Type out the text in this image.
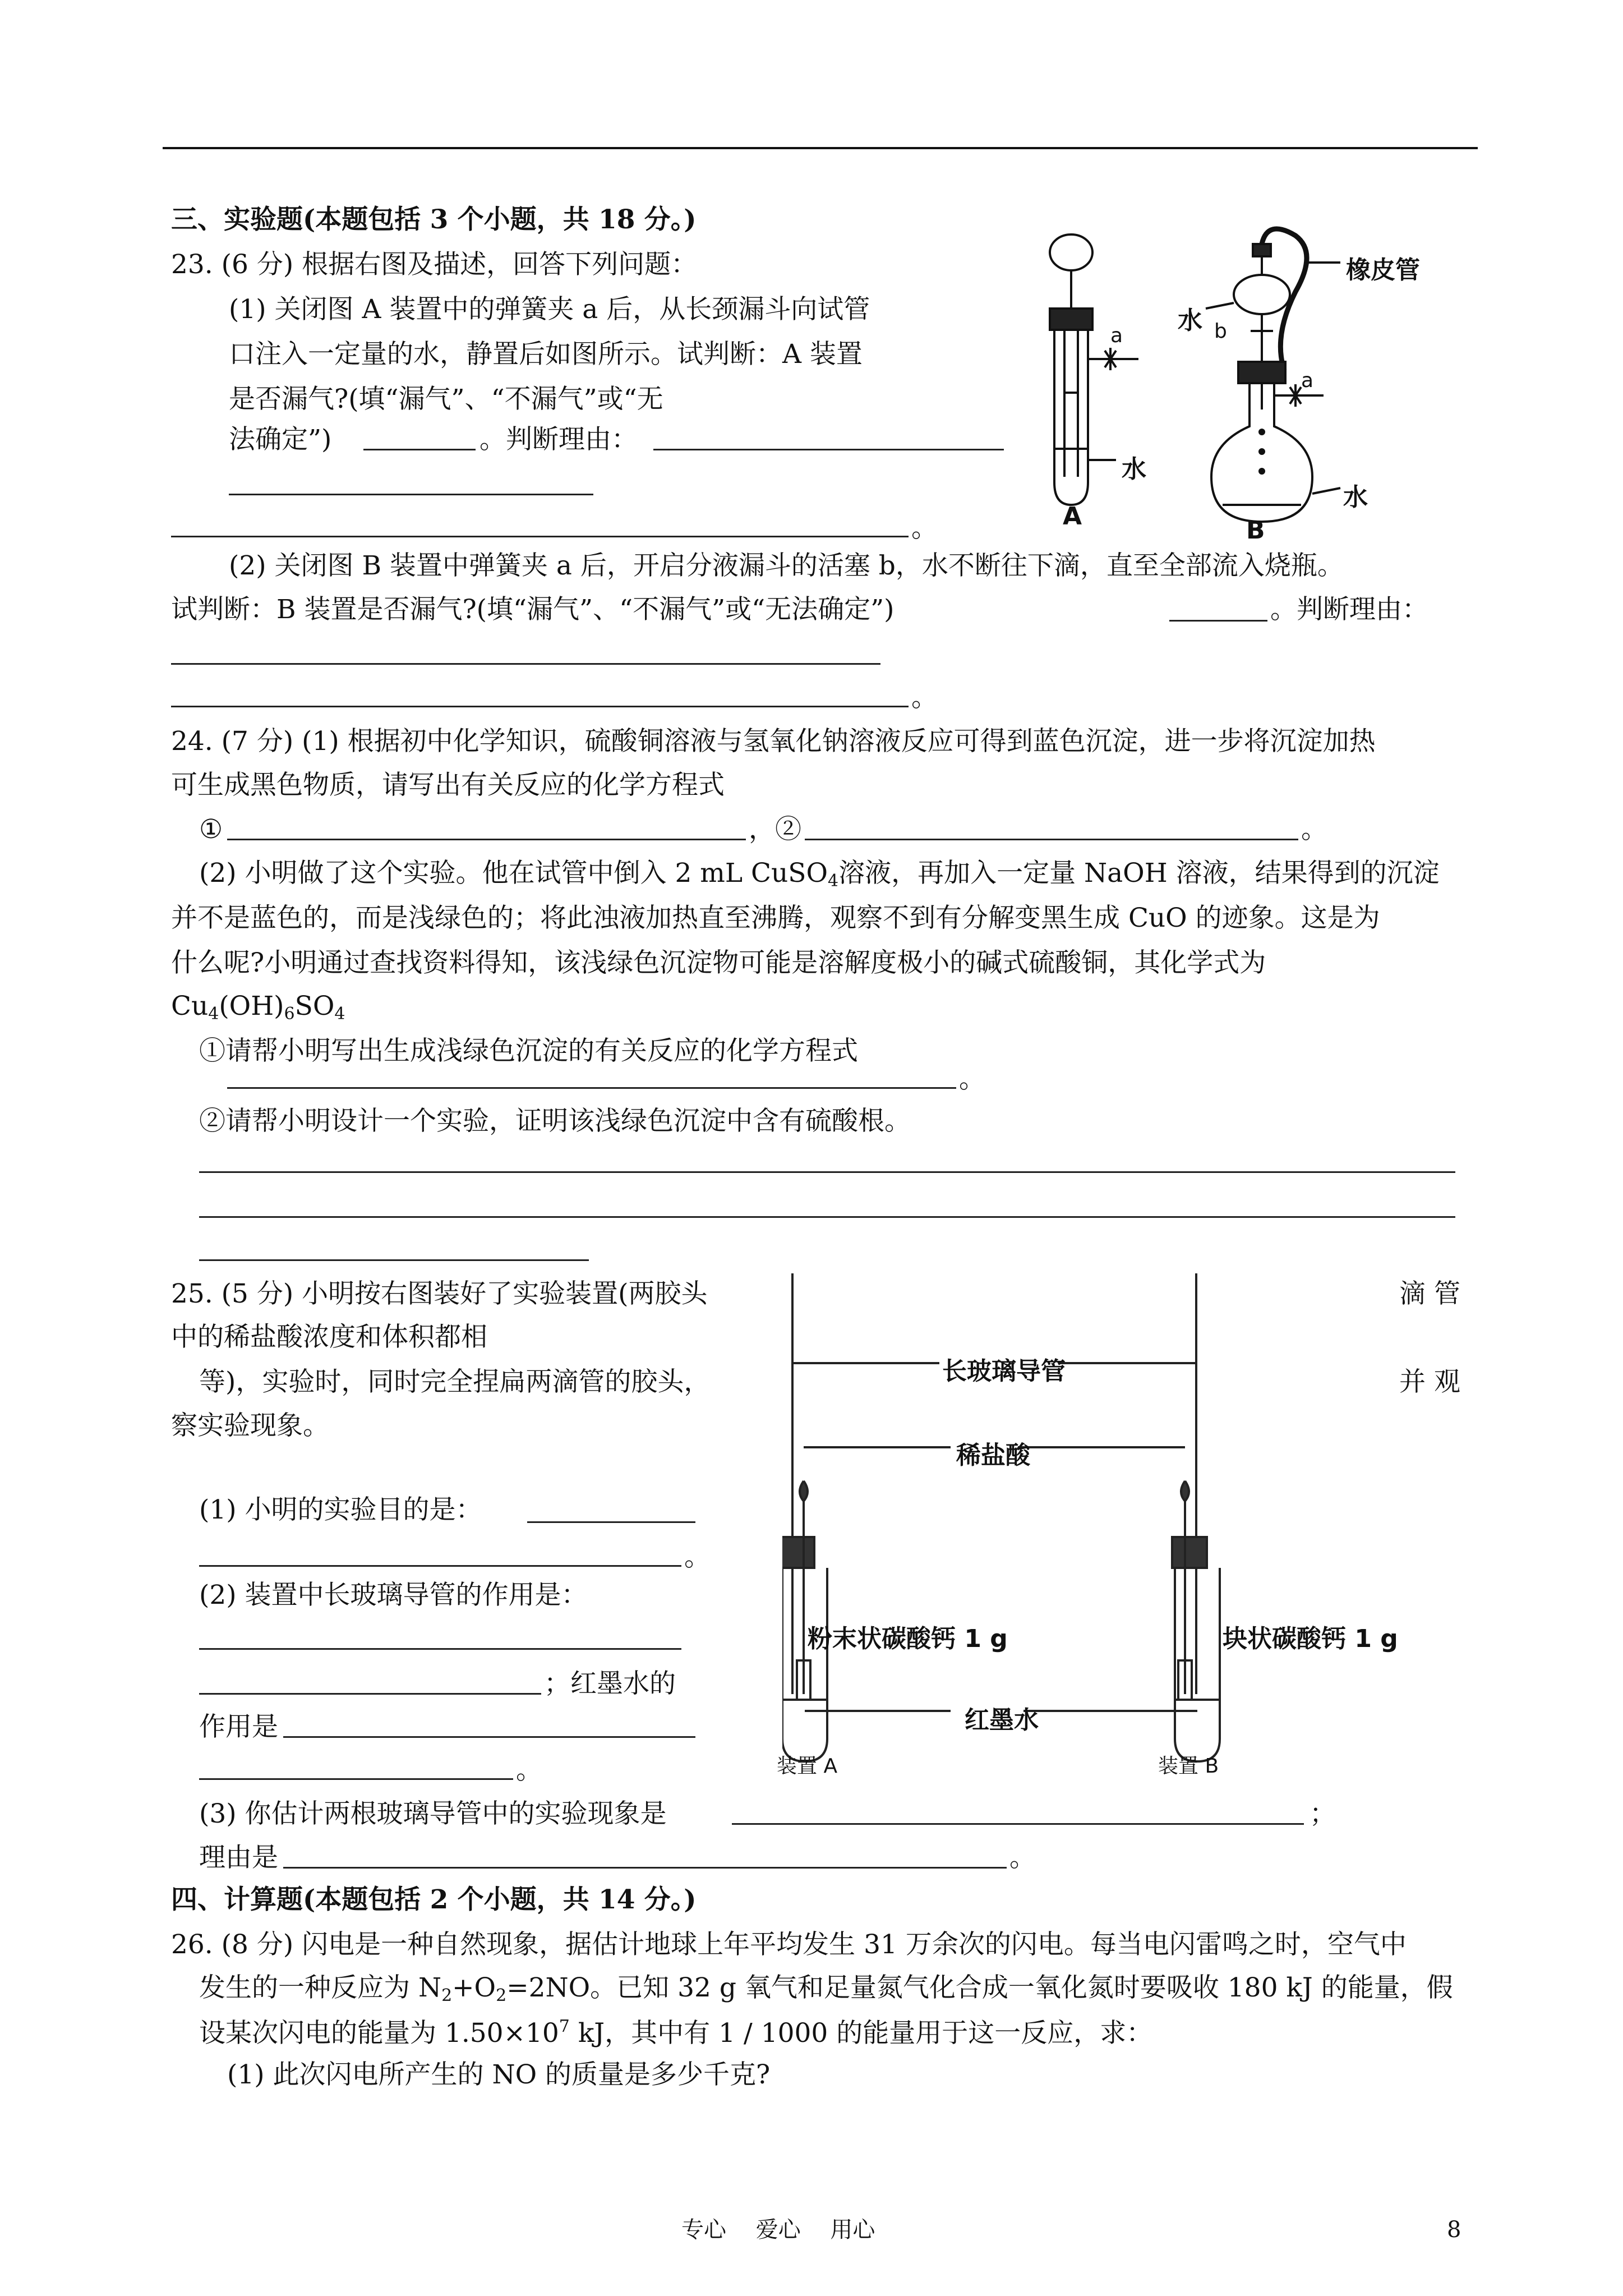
三、实验题(本题包括 3 个小题，共 18 分。)
23. (6 分) 根据右图及描述，回答下列问题：
(1) 关闭图 A 装置中的弹簧夹 a 后，从长颈漏斗向试管
口注入一定量的水，静置后如图所示。试判断：A 装置
是否漏气?(填“漏气”、“不漏气”或“无
法确定”)	。判断理由：
。
(2) 关闭图 B 装置中弹簧夹 a 后，开启分液漏斗的活塞 b，水不断往下滴，直至全部流入烧瓶。
试判断：B 装置是否漏气?(填“漏气”、“不漏气”或“无法确定”)	。判断理由：
。
水
A
a
橡皮管
水 b
a
水
B
24. (7 分) (1) 根据初中化学知识，硫酸铜溶液与氢氧化钠溶液反应可得到蓝色沉淀，进一步将沉淀加热
可生成黑色物质，请写出有关反应的化学方程式
①	，②	。
(2) 小明做了这个实验。他在试管中倒入 2 mL CuSO$_4$溶液，再加入一定量 NaOH 溶液，结果得到的沉淀
并不是蓝色的，而是浅绿色的；将此浊液加热直至沸腾，观察不到有分解变黑生成 CuO 的迹象。这是为
什么呢?小明通过查找资料得知，该浅绿色沉淀物可能是溶解度极小的碱式硫酸铜，其化学式为
$Cu_4(OH)_6SO_4$
①请帮小明写出生成浅绿色沉淀的有关反应的化学方程式
。
②请帮小明设计一个实验，证明该浅绿色沉淀中含有硫酸根。
25. (5 分) 小明按右图装好了实验装置(两胶头	滴 管
中的稀盐酸浓度和体积都相
等)，实验时，同时完全捏扁两滴管的胶头，	并 观
察实验现象。
(1) 小明的实验目的是：
。
(2) 装置中长玻璃导管的作用是：
；红墨水的
作用是
。
(3) 你估计两根玻璃导管中的实验现象是	；
理由是	。
长玻璃导管
稀盐酸
粉末状碳酸钙 1 g	块状碳酸钙 1 g
红墨水
装置 A	装置 B
四、计算题(本题包括 2 个小题，共 14 分。)
26. (8 分) 闪电是一种自然现象，据估计地球上年平均发生 31 万余次的闪电。每当电闪雷鸣之时，空气中
发生的一种反应为 $N_2+O_2=2NO$。已知 32 g 氧气和足量氮气化合成一氧化氮时要吸收 180 kJ 的能量，假
设某次闪电的能量为 $1.50\times 10^7$ kJ，其中有 1 / 1000 的能量用于这一反应，求：
(1) 此次闪电所产生的 NO 的质量是多少千克?
专心　 爱心　 用心	8
